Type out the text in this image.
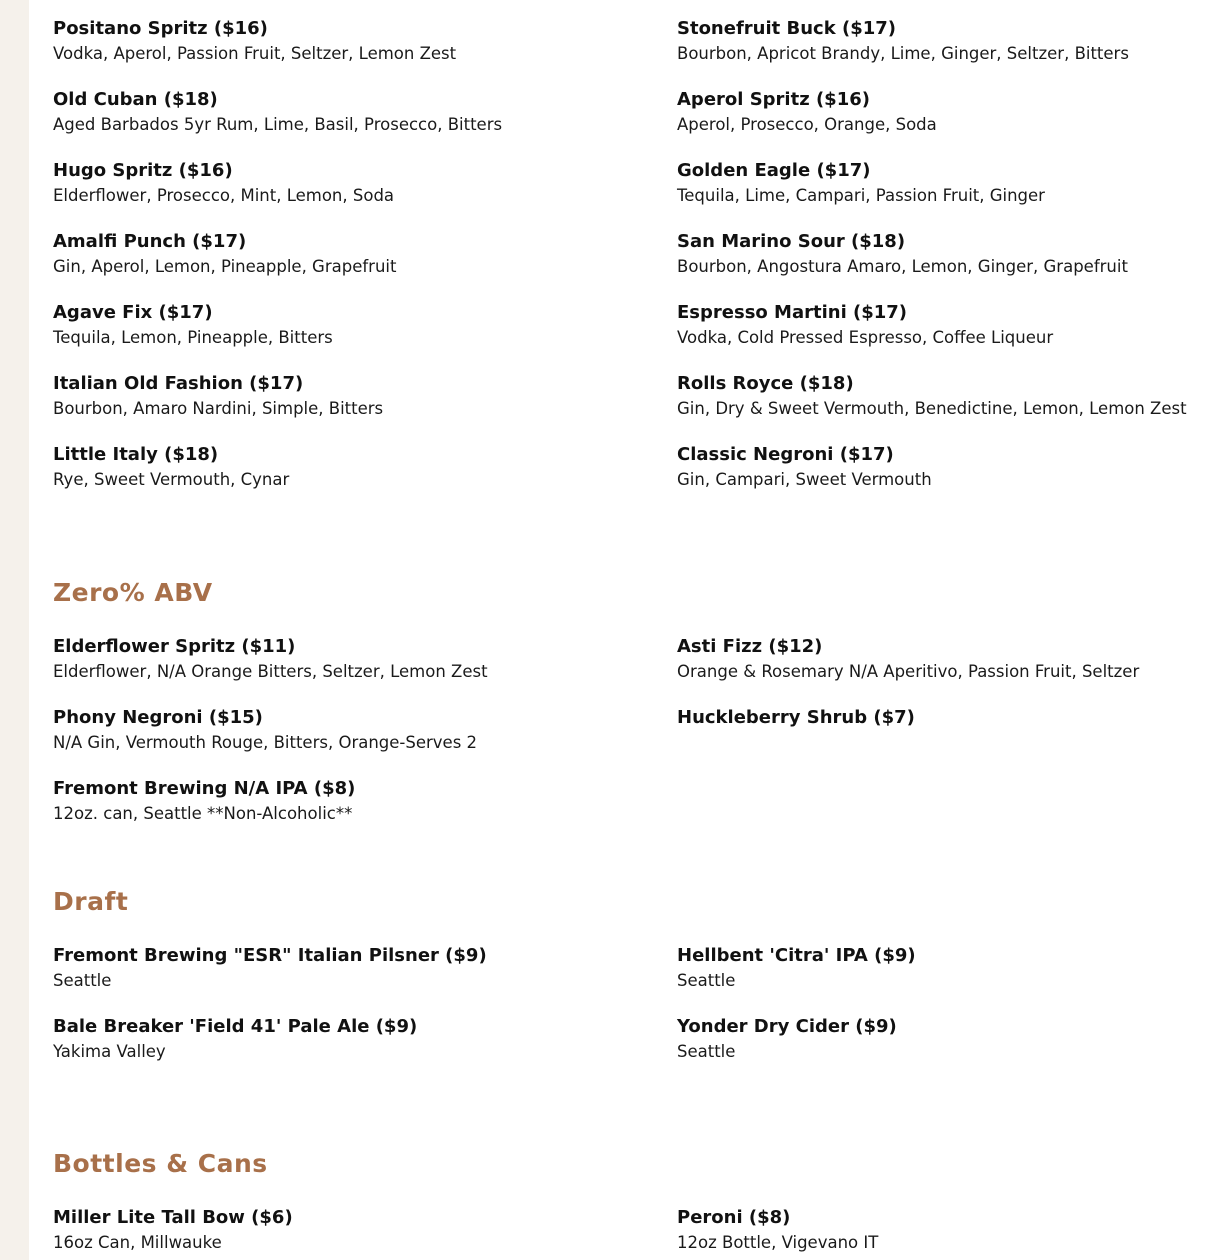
Positano Spritz ($16)
Vodka, Aperol, Passion Fruit, Seltzer, Lemon Zest
Stonefruit Buck ($17)
Bourbon, Apricot Brandy, Lime, Ginger, Seltzer, Bitters
Old Cuban ($18)
Aged Barbados 5yr Rum, Lime, Basil, Prosecco, Bitters
Aperol Spritz ($16)
Aperol, Prosecco, Orange, Soda
Hugo Spritz ($16)
Elderflower, Prosecco, Mint, Lemon, Soda
Golden Eagle ($17)
Tequila, Lime, Campari, Passion Fruit, Ginger
Amalfi Punch ($17)
Gin, Aperol, Lemon, Pineapple, Grapefruit
San Marino Sour ($18)
Bourbon, Angostura Amaro, Lemon, Ginger, Grapefruit
Agave Fix ($17)
Tequila, Lemon, Pineapple, Bitters
Espresso Martini ($17)
Vodka, Cold Pressed Espresso, Coffee Liqueur
Italian Old Fashion ($17)
Bourbon, Amaro Nardini, Simple, Bitters
Rolls Royce ($18)
Gin, Dry & Sweet Vermouth, Benedictine, Lemon, Lemon Zest
Little Italy ($18)
Rye, Sweet Vermouth, Cynar
Classic Negroni ($17)
Gin, Campari, Sweet Vermouth
Zero% ABV
Elderflower Spritz ($11)
Elderflower, N/A Orange Bitters, Seltzer, Lemon Zest
Asti Fizz ($12)
Orange & Rosemary N/A Aperitivo, Passion Fruit, Seltzer
Phony Negroni ($15)
N/A Gin, Vermouth Rouge, Bitters, Orange-Serves 2
Huckleberry Shrub ($7)
Fremont Brewing N/A IPA ($8)
12oz. can, Seattle **Non-Alcoholic**
Draft
Fremont Brewing "ESR" Italian Pilsner ($9)
Seattle
Hellbent 'Citra' IPA ($9)
Seattle
Bale Breaker 'Field 41' Pale Ale ($9)
Yakima Valley
Yonder Dry Cider ($9)
Seattle
Bottles & Cans
Miller Lite Tall Bow ($6)
16oz Can, Millwauke
Peroni ($8)
12oz Bottle, Vigevano IT
